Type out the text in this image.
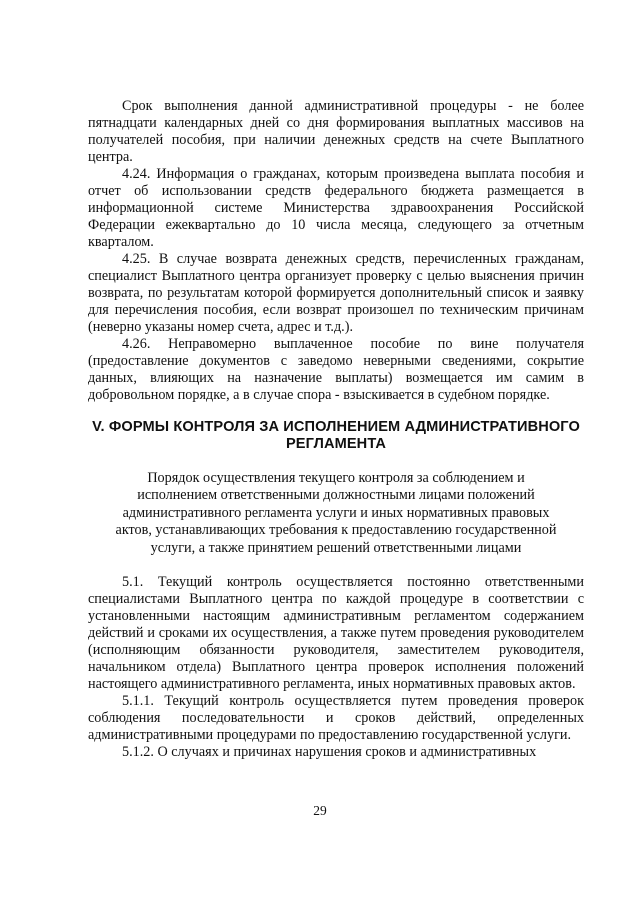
Срок выполнения данной административной процедуры - не более пятнадцати календарных дней со дня формирования выплатных массивов на получателей пособия, при наличии денежных средств на счете Выплатного центра.

4.24. Информация о гражданах, которым произведена выплата пособия и отчет об использовании средств федерального бюджета размещается в информационной системе Министерства здравоохранения Российской Федерации ежеквартально до 10 числа месяца, следующего за отчетным кварталом.

4.25. В случае возврата денежных средств, перечисленных гражданам, специалист Выплатного центра организует проверку с целью выяснения причин возврата, по результатам которой формируется дополнительный список и заявку для перечисления пособия, если возврат произошел по техническим причинам (неверно указаны номер счета, адрес и т.д.).

4.26. Неправомерно выплаченное пособие по вине получателя (предоставление документов с заведомо неверными сведениями, сокрытие данных, влияющих на назначение выплаты) возмещается им самим в добровольном порядке, а в случае спора - взыскивается в судебном порядке.

V. ФОРМЫ КОНТРОЛЯ ЗА ИСПОЛНЕНИЕМ АДМИНИСТРАТИВНОГО РЕГЛАМЕНТА

Порядок осуществления текущего контроля за соблюдением и исполнением ответственными должностными лицами положений административного регламента услуги и иных нормативных правовых актов, устанавливающих требования к предоставлению государственной услуги, а также принятием решений ответственными лицами

5.1. Текущий контроль осуществляется постоянно ответственными специалистами Выплатного центра по каждой процедуре в соответствии с установленными настоящим административным регламентом содержанием действий и сроками их осуществления, а также путем проведения руководителем (исполняющим обязанности руководителя, заместителем руководителя, начальником отдела) Выплатного центра проверок исполнения положений настоящего административного регламента, иных нормативных правовых актов.

5.1.1. Текущий контроль осуществляется путем проведения проверок соблюдения последовательности и сроков действий, определенных административными процедурами по предоставлению государственной услуги.

5.1.2. О случаях и причинах нарушения сроков и административных

29
